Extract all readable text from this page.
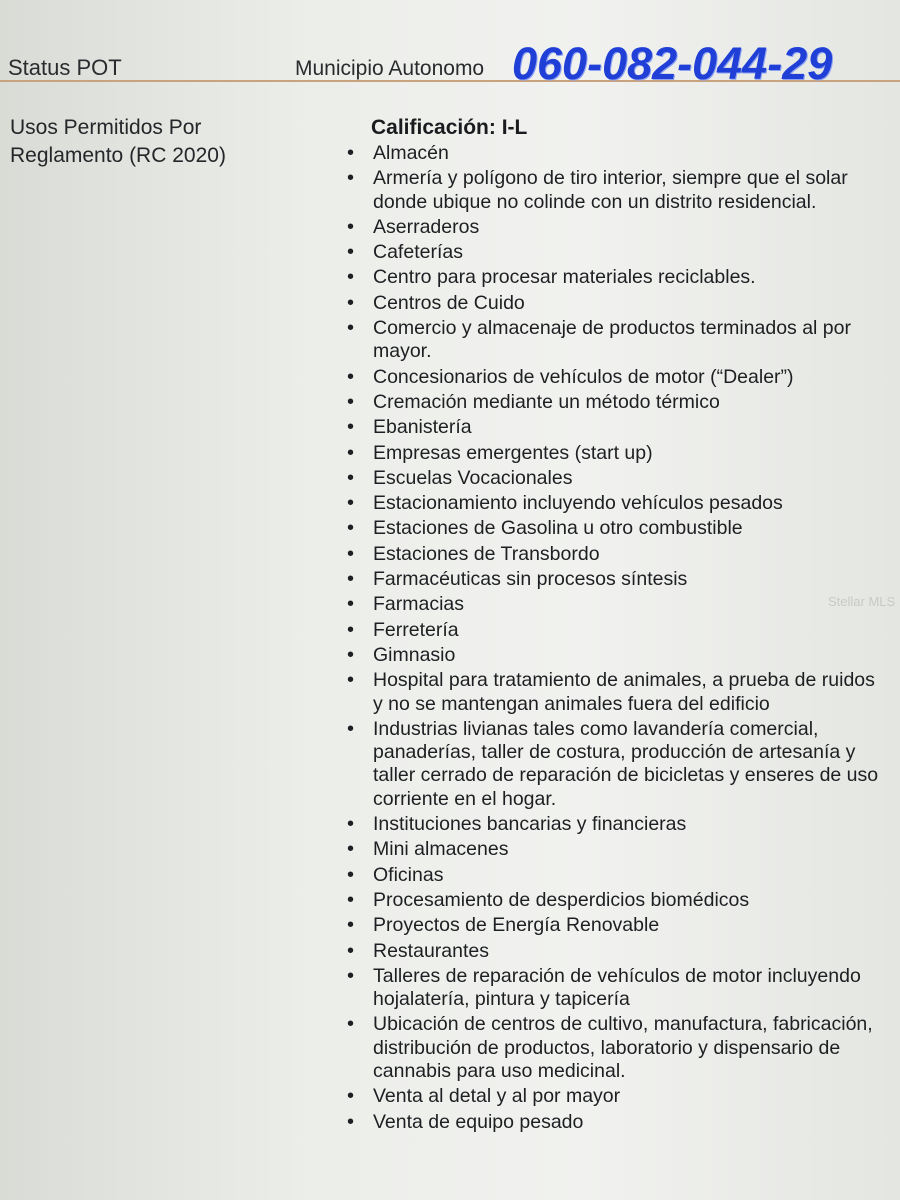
Status POT	Municipio Autonomo 060-082-044-29
Usos Permitidos Por
Reglamento (RC 2020)
Calificación: I-L
• Almacén
• Armería y polígono de tiro interior, siempre que el solar donde ubique no colinde con un distrito residencial.
• Aserraderos
• Cafeterías
• Centro para procesar materiales reciclables.
• Centros de Cuido
• Comercio y almacenaje de productos terminados al por mayor.
• Concesionarios de vehículos de motor (“Dealer”)
• Cremación mediante un método térmico
• Ebanistería
• Empresas emergentes (start up)
• Escuelas Vocacionales
• Estacionamiento incluyendo vehículos pesados
• Estaciones de Gasolina u otro combustible
• Estaciones de Transbordo
• Farmacéuticas sin procesos síntesis
• Farmacias
• Ferretería
• Gimnasio
• Hospital para tratamiento de animales, a prueba de ruidos y no se mantengan animales fuera del edificio
• Industrias livianas tales como lavandería comercial, panaderías, taller de costura, producción de artesanía y taller cerrado de reparación de bicicletas y enseres de uso corriente en el hogar.
• Instituciones bancarias y financieras
• Mini almacenes
• Oficinas
• Procesamiento de desperdicios biomédicos
• Proyectos de Energía Renovable
• Restaurantes
• Talleres de reparación de vehículos de motor incluyendo hojalatería, pintura y tapicería
• Ubicación de centros de cultivo, manufactura, fabricación, distribución de productos, laboratorio y dispensario de cannabis para uso medicinal.
• Venta al detal y al por mayor
• Venta de equipo pesado
Stellar MLS
